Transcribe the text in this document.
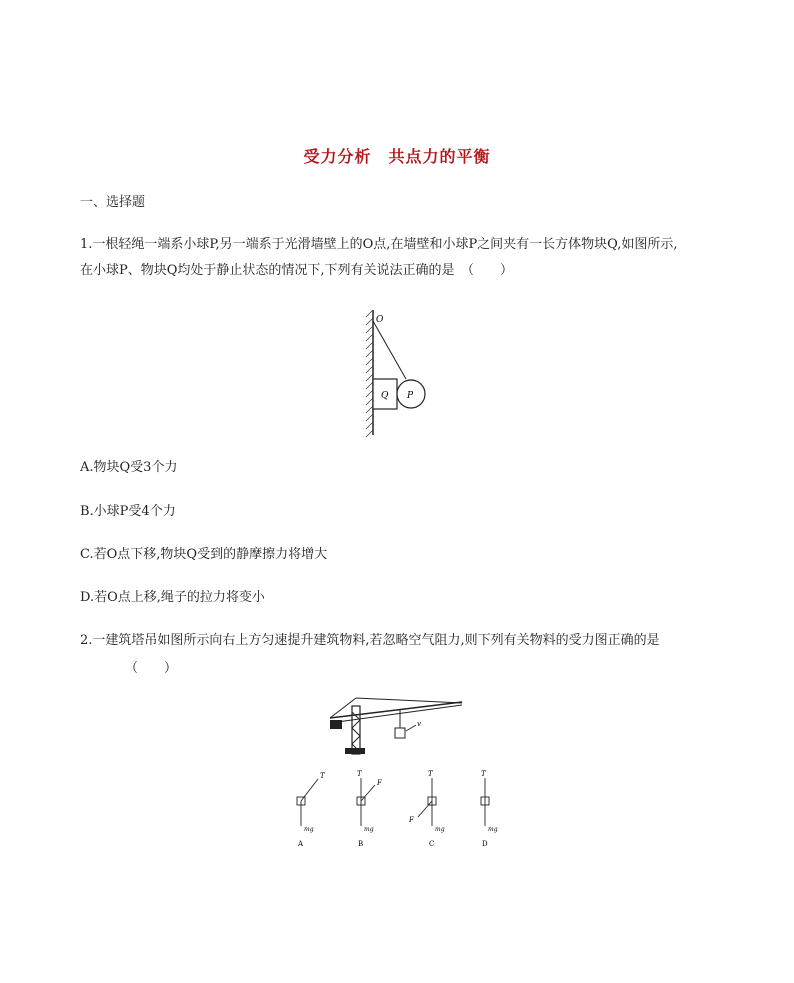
受力分析　共点力的平衡
一、选择题
1.一根轻绳一端系小球P,另一端系于光滑墙壁上的O点,在墙壁和小球P之间夹有一长方体物块Q,如图所示,
在小球P、物块Q均处于静止状态的情况下,下列有关说法正确的是　（　　）
O
Q P
A.物块Q受3个力
B.小球P受4个力
C.若O点下移,物块Q受到的静摩擦力将增大
D.若O点上移,绳子的拉力将变小
2.一建筑塔吊如图所示向右上方匀速提升建筑物料,若忽略空气阻力,则下列有关物料的受力图正确的是
（　　）
v
T
mg
A
T
F
mg
B
T
F
mg
C
T
mg
D
